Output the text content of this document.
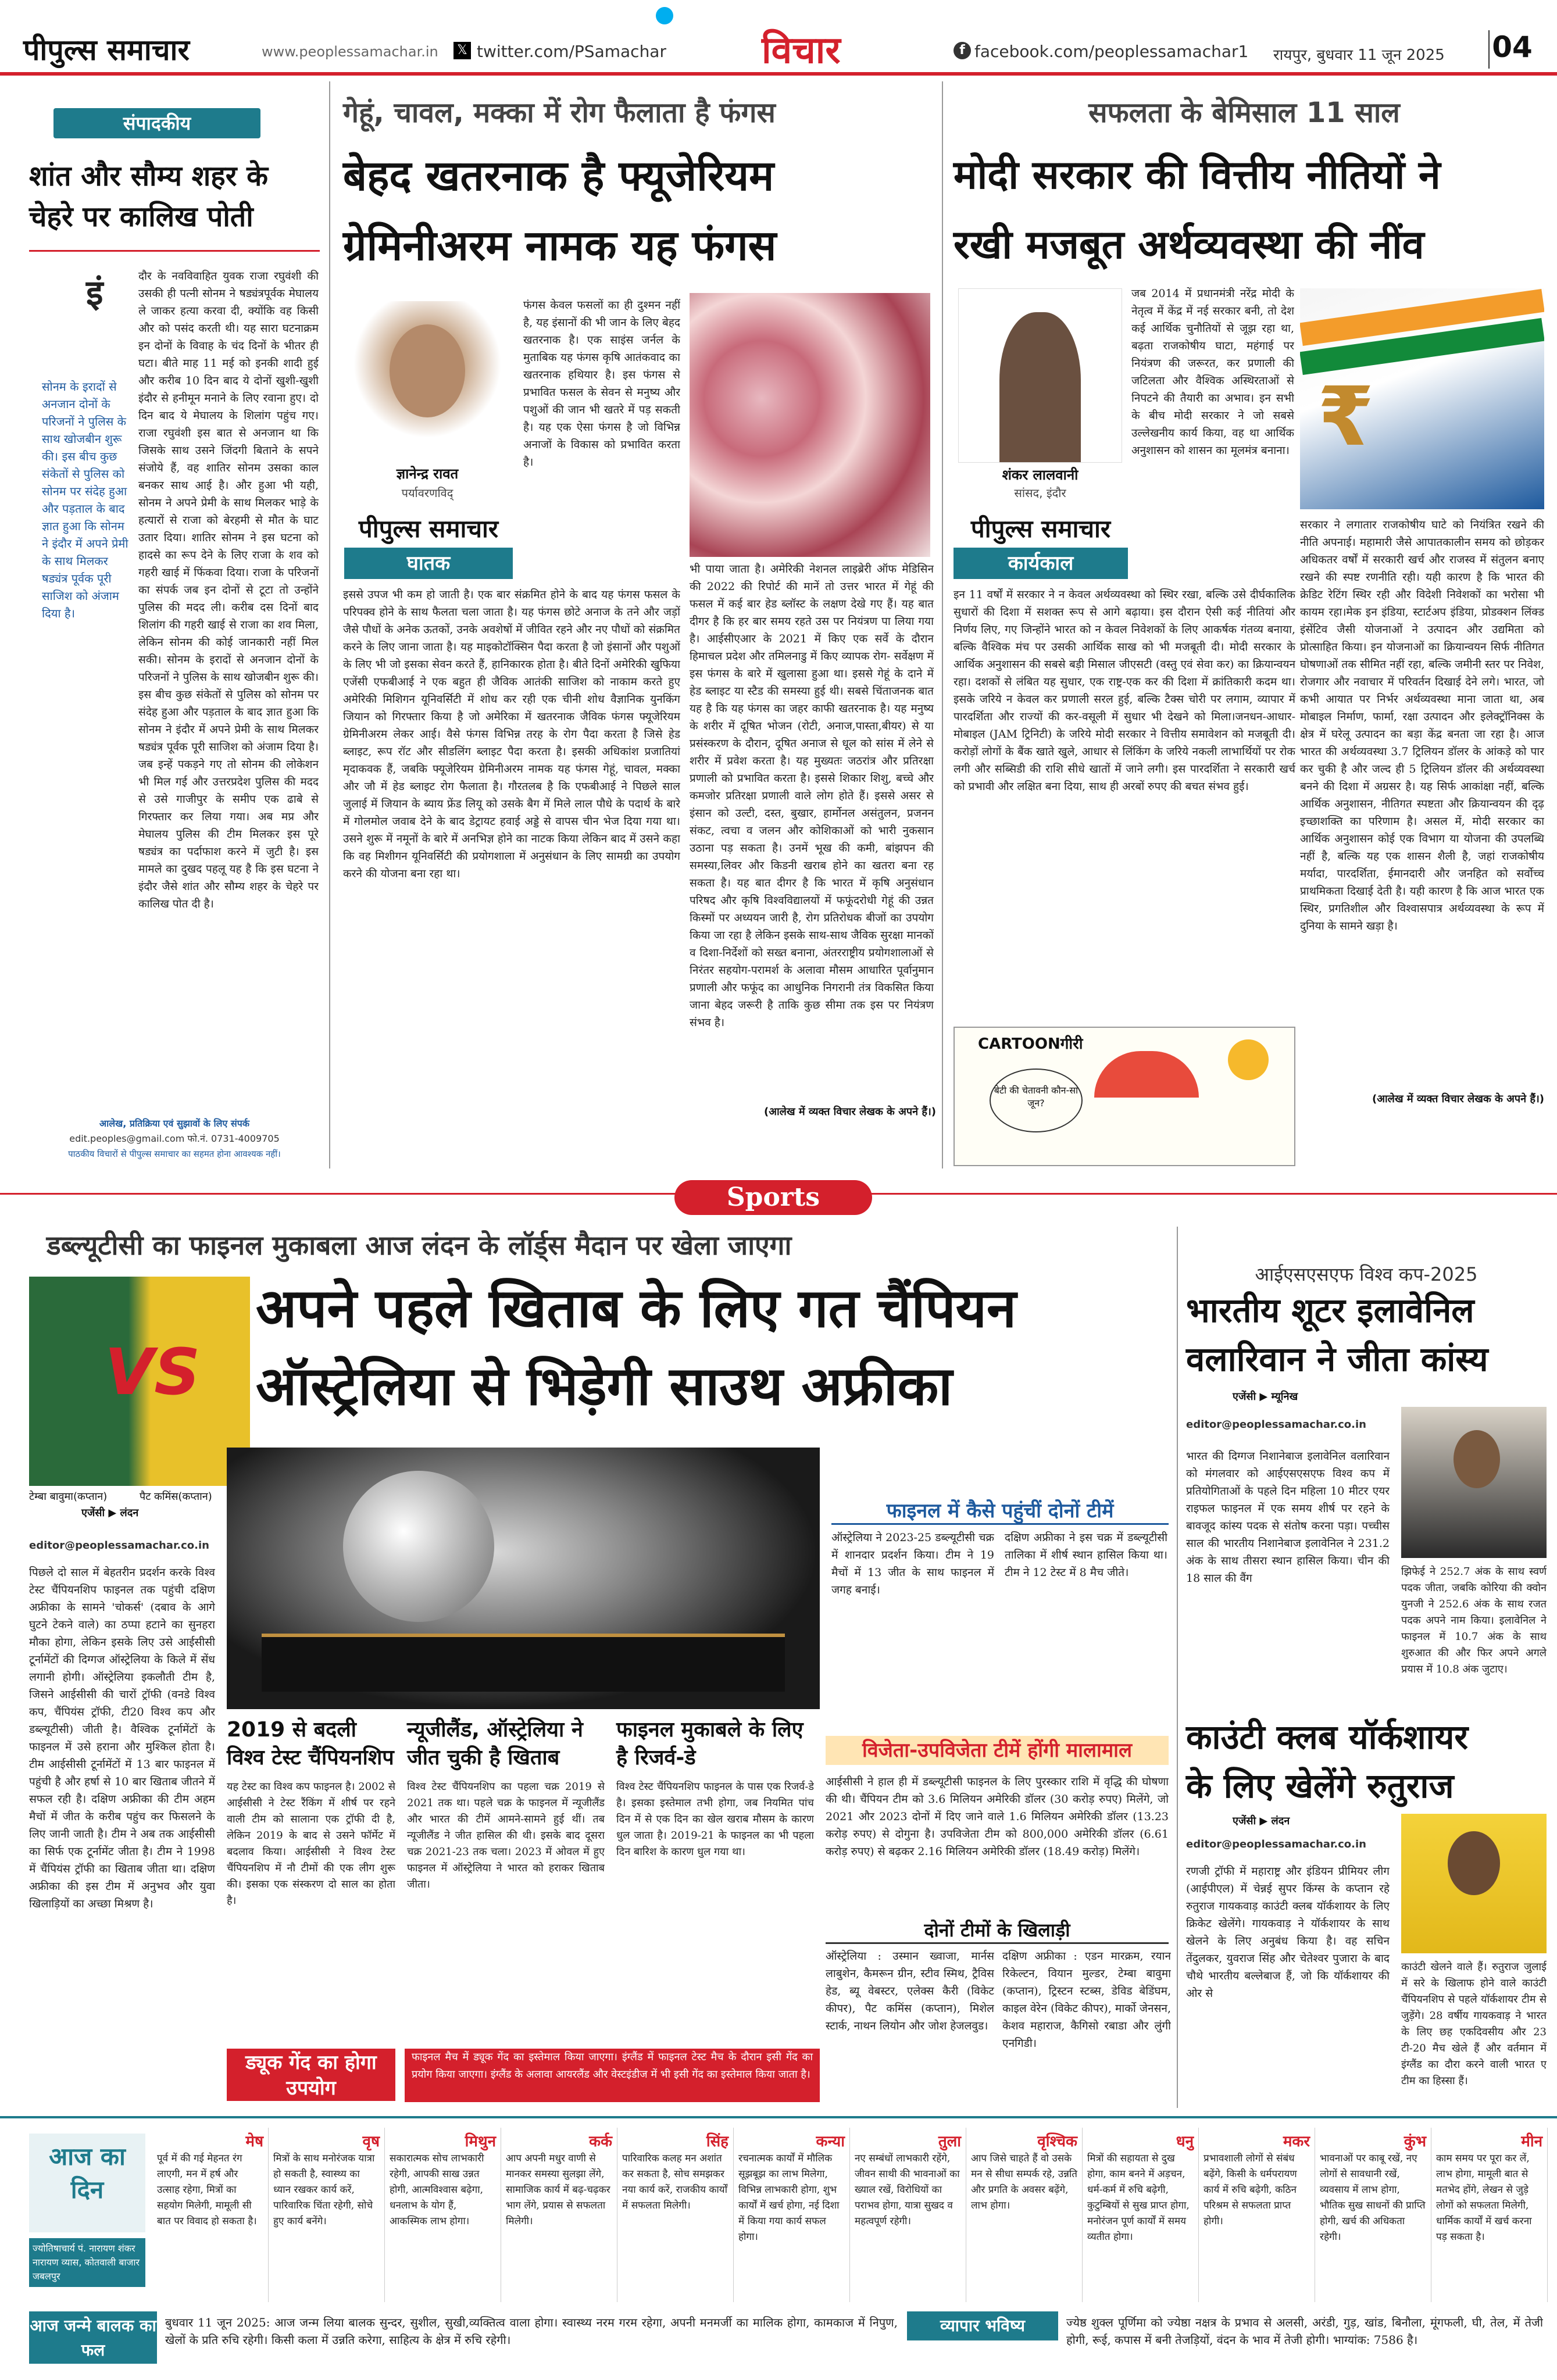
पीपुल्स समाचार	www.peoplessamachar.in 𝕏 twitter.com/PSamachar	विचार	f facebook.com/peoplessamachar1 रायपुर, बुधवार 11 जून 2025 04
संपादकीय
शांत और सौम्य शहर के चेहरे पर कालिख पोती
इं	दौर के नवविवाहित युवक राजा रघुवंशी की उसकी ही पत्नी सोनम ने षड्यंत्रपूर्वक मेघालय ले जाकर हत्या करवा दी, क्योंकि वह किसी और को पसंद करती थी। यह सारा घटनाक्रम इन दोनों के विवाह के चंद दिनों के भीतर ही घटा। बीते माह 11 मई को इनकी शादी हुई और करीब 10 दिन बाद ये दोनों खुशी-खुशी इंदौर से हनीमून मनाने के लिए रवाना हुए। दो दिन बाद ये मेघालय के शिलांग पहुंच गए। राजा रघुवंशी इस बात से अनजान था कि जिसके साथ उसने जिंदगी बिताने के सपने संजोये हैं, वह शातिर सोनम उसका काल बनकर साथ आई है। और हुआ भी यही, सोनम ने अपने प्रेमी के साथ मिलकर भाड़े के हत्यारों से राजा को बेरहमी से मौत के घाट उतार दिया। शातिर सोनम ने इस घटना को हादसे का रूप देने के लिए राजा के शव को गहरी खाई में फिंकवा दिया। राजा के परिजनों का संपर्क जब इन दोनों से टूटा तो उन्होंने पुलिस की मदद ली। करीब दस दिनों बाद शिलांग की गहरी खाई से राजा का शव मिला, लेकिन सोनम की कोई जानकारी नहीं मिल सकी। सोनम के इरादों से अनजान दोनों के परिजनों ने पुलिस के साथ खोजबीन शुरू की। इस बीच कुछ संकेतों से पुलिस को सोनम पर संदेह हुआ और पड़ताल के बाद ज्ञात हुआ कि सोनम ने इंदौर में अपने प्रेमी के साथ मिलकर षड्यंत्र पूर्वक पूरी साजिश को अंजाम दिया है। जब इन्हें पकड़ने गए तो सोनम की लोकेशन भी मिल गई और उत्तरप्रदेश पुलिस की मदद से उसे गाजीपुर के समीप एक ढाबे से गिरफ्तार कर लिया गया। अब मप्र और मेघालय पुलिस की टीम मिलकर इस पूरे षड्यंत्र का पर्दाफाश करने में जुटी है। इस मामले का दुखद पहलू यह है कि इस घटना ने इंदौर जैसे शांत और सौम्य शहर के चेहरे पर कालिख पोत दी है।
सोनम के इरादों से अनजान दोनों के परिजनों ने पुलिस के साथ खोजबीन शुरू की। इस बीच कुछ संकेतों से पुलिस को सोनम पर संदेह हुआ और पड़ताल के बाद ज्ञात हुआ कि सोनम ने इंदौर में अपने प्रेमी के साथ मिलकर षड्यंत्र पूर्वक पूरी साजिश को अंजाम दिया है।
आलेख, प्रतिक्रिया एवं सुझावों के लिए संपर्क
edit.peoples@gmail.com फो.नं. 0731-4009705
पाठकीय विचारों से पीपुल्स समाचार का सहमत होना आवश्यक नहीं।
गेहूं, चावल, मक्का में रोग फैलाता है फंगस
बेहद खतरनाक है फ्यूजेरियम
ग्रेमिनीअरम नामक यह फंगस
ज्ञानेन्द्र रावत
पर्यावरणविद्
पीपुल्स समाचार
घातक
फंगस केवल फसलों का ही दुश्मन नहीं है, यह इंसानों की भी जान के लिए बेहद खतरनाक है। एक साइंस जर्नल के मुताबिक यह फंगस कृषि आतंकवाद का खतरनाक हथियार है। इस फंगस से प्रभावित फसल के सेवन से मनुष्य और पशुओं की जान भी खतरे में पड़ सकती है। यह एक ऐसा फंगस है जो विभिन्न अनाजों के विकास को प्रभावित करता है।
इससे उपज भी कम हो जाती है। एक बार संक्रमित होने के बाद यह फंगस फसल के परिपक्व होने के साथ फैलता चला जाता है। यह फंगस छोटे अनाज के तने और जड़ों जैसे पौधों के अनेक ऊतकों, उनके अवशेषों में जीवित रहने और नए पौधों को संक्रमित करने के लिए जाना जाता है। यह माइकोटॉक्सिन पैदा करता है जो इंसानों और पशुओं के लिए भी जो इसका सेवन करते हैं, हानिकारक होता है। बीते दिनों अमेरिकी खुफिया एजेंसी एफबीआई ने एक बहुत ही जैविक आतंकी साजिश को नाकाम करते हुए अमेरिकी मिशिगन यूनिवर्सिटी में शोध कर रही एक चीनी शोध वैज्ञानिक युनकिंग जियान को गिरफ्तार किया है जो अमेरिका में खतरनाक जैविक फंगस फ्यूजेरियम ग्रेमिनीअरम लेकर आई। वैसे फंगस विभिन्न तरह के रोग पैदा करता है जिसे हेड ब्लाइट, रूप रॉट और सीडलिंग ब्लाइट पैदा करता है। इसकी अधिकांश प्रजातियां मृदाकवक हैं, जबकि फ्यूजेरियम ग्रेमिनीअरम नामक यह फंगस गेहूं, चावल, मक्का और जौ में हेड ब्लाइट रोग फैलाता है। गौरतलब है कि एफबीआई ने पिछले साल जुलाई में जियान के ब्याय फ्रेंड लियू को उसके बैग में मिले लाल पौधे के पदार्थ के बारे में गोलमोल जवाब देने के बाद डेट्रायट हवाई अड्डे से वापस चीन भेज दिया गया था। उसने शुरू में नमूनों के बारे में अनभिज्ञ होने का नाटक किया लेकिन बाद में उसने कहा कि वह मिशीगन यूनिवर्सिटी की प्रयोगशाला में अनुसंधान के लिए सामग्री का उपयोग करने की योजना बना रहा था।
भी पाया जाता है। अमेरिकी नेशनल लाइब्रेरी ऑफ मेडिसिन की 2022 की रिपोर्ट की मानें तो उत्तर भारत में गेहूं की फसल में कई बार हेड ब्लॉस्ट के लक्षण देखे गए हैं। यह बात दीगर है कि हर बार समय रहते उस पर नियंत्रण पा लिया गया है। आईसीएआर के 2021 में किए एक सर्वे के दौरान हिमाचल प्रदेश और तमिलनाडु में किए व्यापक रोग- सर्वेक्षण में इस फंगस के बारे में खुलासा हुआ था। इससे गेहूं के दाने में हेड ब्लाइट या स्टैड की समस्या हुई थी। सबसे चिंताजनक बात यह है कि यह फंगस का जहर काफी खतरनाक है। यह मनुष्य के शरीर में दूषित भोजन (रोटी, अनाज,पास्ता,बीयर) से या प्रसंस्करण के दौरान, दूषित अनाज से धूल को सांस में लेने से शरीर में प्रवेश करता है। यह मुख्यतः जठरांत्र और प्रतिरक्षा प्रणाली को प्रभावित करता है। इससे शिकार शिशु, बच्चे और कमजोर प्रतिरक्षा प्रणाली वाले लोग होते हैं। इससे असर से इंसान को उल्टी, दस्त, बुखार, हार्मोनल असंतुलन, प्रजनन संकट, त्वचा व जलन और कोशिकाओं को भारी नुकसान उठाना पड़ सकता है। उनमें भूख की कमी, बांझपन की समस्या,लिवर और किडनी खराब होने का खतरा बना रह सकता है। यह बात दीगर है कि भारत में कृषि अनुसंधान परिषद और कृषि विश्वविद्यालयों में फफूंदरोधी गेहूं की उन्नत किस्मों पर अध्ययन जारी है, रोग प्रतिरोधक बीजों का उपयोग किया जा रहा है लेकिन इसके साथ-साथ जैविक सुरक्षा मानकों व दिशा-निर्देशों को सख्त बनाना, अंतरराष्ट्रीय प्रयोगशालाओं से निरंतर सहयोग-परामर्श के अलावा मौसम आधारित पूर्वानुमान प्रणाली और फफूंद का आधुनिक निगरानी तंत्र विकसित किया जाना बेहद जरूरी है ताकि कुछ सीमा तक इस पर नियंत्रण संभव है।
(आलेख में व्यक्त विचार लेखक के अपने हैं।)
सफलता के बेमिसाल 11 साल
मोदी सरकार की वित्तीय नीतियों ने
रखी मजबूत अर्थव्यवस्था की नींव
शंकर लालवानी
सांसद, इंदौर
पीपुल्स समाचार
कार्यकाल
जब 2014 में प्रधानमंत्री नरेंद्र मोदी के नेतृत्व में केंद्र में नई सरकार बनी, तो देश कई आर्थिक चुनौतियों से जूझ रहा था, बढ़ता राजकोषीय घाटा, महंगाई पर नियंत्रण की जरूरत, कर प्रणाली की जटिलता और वैश्विक अस्थिरताओं से निपटने की तैयारी का अभाव। इन सभी के बीच मोदी सरकार ने जो सबसे उल्लेखनीय कार्य किया, वह था आर्थिक अनुशासन को शासन का मूलमंत्र बनाना।
इन 11 वर्षों में सरकार ने न केवल अर्थव्यवस्था को स्थिर रखा, बल्कि उसे दीर्घकालिक सुधारों की दिशा में सशक्त रूप से आगे बढ़ाया। इस दौरान ऐसी कई नीतियां और निर्णय लिए, गए जिन्होंने भारत को न केवल निवेशकों के लिए आकर्षक गंतव्य बनाया, बल्कि वैश्विक मंच पर उसकी आर्थिक साख को भी मजबूती दी। मोदी सरकार के आर्थिक अनुशासन की सबसे बड़ी मिसाल जीएसटी (वस्तु एवं सेवा कर) का क्रियान्वयन रहा। दशकों से लंबित यह सुधार, एक राष्ट्र-एक कर की दिशा में क्रांतिकारी कदम था। इसके जरिये न केवल कर प्रणाली सरल हुई, बल्कि टैक्स चोरी पर लगाम, व्यापार में पारदर्शिता और राज्यों की कर-वसूली में सुधार भी देखने को मिला।जनधन-आधार-मोबाइल (JAM ट्रिनिटी) के जरिये मोदी सरकार ने वित्तीय समावेशन को मजबूती दी। करोड़ों लोगों के बैंक खाते खुले, आधार से लिंकिंग के जरिये नकली लाभार्थियों पर रोक लगी और सब्सिडी की राशि सीधे खातों में जाने लगी। इस पारदर्शिता ने सरकारी खर्च को प्रभावी और लक्षित बना दिया, साथ ही अरबों रुपए की बचत संभव हुई।
₹
सरकार ने लगातार राजकोषीय घाटे को नियंत्रित रखने की नीति अपनाई। महामारी जैसे आपातकालीन समय को छोड़कर अधिकतर वर्षों में सरकारी खर्च और राजस्व में संतुलन बनाए रखने की स्पष्ट रणनीति रही। यही कारण है कि भारत की क्रेडिट रेटिंग स्थिर रही और विदेशी निवेशकों का भरोसा भी कायम रहा।मेक इन इंडिया, स्टार्टअप इंडिया, प्रोडक्शन लिंक्ड इंसेंटिव जैसी योजनाओं ने उत्पादन और उद्यमिता को प्रोत्साहित किया। इन योजनाओं का क्रियान्वयन सिर्फ नीतिगत घोषणाओं तक सीमित नहीं रहा, बल्कि जमीनी स्तर पर निवेश, रोजगार और नवाचार में परिवर्तन दिखाई देने लगे। भारत, जो कभी आयात पर निर्भर अर्थव्यवस्था माना जाता था, अब मोबाइल निर्माण, फार्मा, रक्षा उत्पादन और इलेक्ट्रॉनिक्स के क्षेत्र में घरेलू उत्पादन का बड़ा केंद्र बनता जा रहा है। आज भारत की अर्थव्यवस्था 3.7 ट्रिलियन डॉलर के आंकड़े को पार कर चुकी है और जल्द ही 5 ट्रिलियन डॉलर की अर्थव्यवस्था बनने की दिशा में अग्रसर है। यह सिर्फ आकांक्षा नहीं, बल्कि आर्थिक अनुशासन, नीतिगत स्पष्टता और क्रियान्वयन की दृढ़ इच्छाशक्ति का परिणाम है। असल में, मोदी सरकार का आर्थिक अनुशासन कोई एक विभाग या योजना की उपलब्धि नहीं है, बल्कि यह एक शासन शैली है, जहां राजकोषीय मर्यादा, पारदर्शिता, ईमानदारी और जनहित को सर्वोच्च प्राथमिकता दिखाई देती है। यही कारण है कि आज भारत एक स्थिर, प्रगतिशील और विश्वासपात्र अर्थव्यवस्था के रूप में दुनिया के सामने खड़ा है।
(आलेख में व्यक्त विचार लेखक के अपने हैं।)
CARTOONगीरी
बेटी की चेतावनी कौन-सा जून?
Sports
डब्ल्यूटीसी का फाइनल मुकाबला आज लंदन के लॉर्ड्स मैदान पर खेला जाएगा
VS
टेम्बा बावुमा(कप्तान)	पैट कमिंस(कप्तान)
अपने पहले खिताब के लिए गत चैंपियन
ऑस्ट्रेलिया से भिड़ेगी साउथ अफ्रीका
एजेंसी ▶ लंदन
editor@peoplessamachar.co.in
पिछले दो साल में बेहतरीन प्रदर्शन करके विश्व टेस्ट चैंपियनशिप फाइनल तक पहुंची दक्षिण अफ्रीका के सामने 'चोकर्स' (दबाव के आगे घुटने टेकने वाले) का ठप्पा हटाने का सुनहरा मौका होगा, लेकिन इसके लिए उसे आईसीसी टूर्नामेंटों की दिग्गज ऑस्ट्रेलिया के किले में सेंध लगानी होगी। ऑस्ट्रेलिया इकलौती टीम है, जिसने आईसीसी की चारों ट्रॉफी (वनडे विश्व कप, चैंपियंस ट्रॉफी, टी20 विश्व कप और डब्ल्यूटीसी) जीती है। वैश्विक टूर्नामेंटों के फाइनल में उसे हराना और मुश्किल होता है। टीम आईसीसी टूर्नामेंटों में 13 बार फाइनल में पहुंची है और हर्षा से 10 बार खिताब जीतने में सफल रही है। दक्षिण अफ्रीका की टीम अहम मैचों में जीत के करीब पहुंच कर फिसलने के लिए जानी जाती है। टीम ने अब तक आईसीसी का सिर्फ एक टूर्नामेंट जीता है। टीम ने 1998 में चैंपियंस ट्रॉफी का खिताब जीता था। दक्षिण अफ्रीका की इस टीम में अनुभव और युवा खिलाड़ियों का अच्छा मिश्रण है।
फाइनल में कैसे पहुंचीं दोनों टीमें
ऑस्ट्रेलिया ने 2023-25 डब्ल्यूटीसी चक्र में शानदार प्रदर्शन किया। टीम ने 19 मैचों में 13 जीत के साथ फाइनल में जगह बनाई।
दक्षिण अफ्रीका ने इस चक्र में डब्ल्यूटीसी तालिका में शीर्ष स्थान हासिल किया था। टीम ने 12 टेस्ट में 8 मैच जीते।
2019 से बदली विश्व टेस्ट चैंपियनशिप
यह टेस्ट का विश्व कप फाइनल है। 2002 से आईसीसी ने टेस्ट रैंकिंग में शीर्ष पर रहने वाली टीम को सालाना एक ट्रॉफी दी है, लेकिन 2019 के बाद से उसने फॉर्मेट में बदलाव किया। आईसीसी ने विश्व टेस्ट चैंपियनशिप में नौ टीमों की एक लीग शुरू की। इसका एक संस्करण दो साल का होता है।
न्यूजीलैंड, ऑस्ट्रेलिया ने जीत चुकी है खिताब
विश्व टेस्ट चैंपियनशिप का पहला चक्र 2019 से 2021 तक था। पहले चक्र के फाइनल में न्यूजीलैंड और भारत की टीमें आमने-सामने हुई थीं। तब न्यूजीलैंड ने जीत हासिल की थी। इसके बाद दूसरा चक्र 2021-23 तक चला। 2023 में ओवल में हुए फाइनल में ऑस्ट्रेलिया ने भारत को हराकर खिताब जीता।
फाइनल मुकाबले के लिए है रिजर्व-डे
विश्व टेस्ट चैंपियनशिप फाइनल के पास एक रिजर्व-डे है। इसका इस्तेमाल तभी होगा, जब नियमित पांच दिन में से एक दिन का खेल खराब मौसम के कारण धुल जाता है। 2019-21 के फाइनल का भी पहला दिन बारिश के कारण धुल गया था।
विजेता-उपविजेता टीमें होंगी मालामाल
आईसीसी ने हाल ही में डब्ल्यूटीसी फाइनल के लिए पुरस्कार राशि में वृद्धि की घोषणा की थी। चैंपियन टीम को 3.6 मिलियन अमेरिकी डॉलर (30 करोड़ रुपए) मिलेंगे, जो 2021 और 2023 दोनों में दिए जाने वाले 1.6 मिलियन अमेरिकी डॉलर (13.23 करोड़ रुपए) से दोगुना है। उपविजेता टीम को 800,000 अमेरिकी डॉलर (6.61 करोड़ रुपए) से बढ़कर 2.16 मिलियन अमेरिकी डॉलर (18.49 करोड़) मिलेंगे।
दोनों टीमों के खिलाड़ी
ऑस्ट्रेलिया : उस्मान ख्वाजा, मार्नस लाबुशेन, कैमरून ग्रीन, स्टीव स्मिथ, ट्रैविस हेड, ब्यू वेबस्टर, एलेक्स कैरी (विकेट कीपर), पैट कमिंस (कप्तान), मिशेल स्टार्क, नाथन लियोन और जोश हेजलवुड।
दक्षिण अफ्रीका : एडन मारक्रम, रयान रिकेल्टन, वियान मुल्डर, टेम्बा बावुमा (कप्तान), ट्रिस्टन स्टब्स, डेविड बेडिंघम, काइल वेरेन (विकेट कीपर), मार्को जेनसन, केशव महाराज, कैगिसो रबाडा और लुंगी एनगिडी।
ड्यूक गेंद का होगा उपयोग
फाइनल मैच में ड्यूक गेंद का इस्तेमाल किया जाएगा। इंग्लैंड में फाइनल टेस्ट मैच के दौरान इसी गेंद का प्रयोग किया जाएगा। इंग्लैंड के अलावा आयरलैंड और वेस्टइंडीज में भी इसी गेंद का इस्तेमाल किया जाता है।
आईएसएसएफ विश्व कप-2025
भारतीय शूटर इलावेनिल
वलारिवान ने जीता कांस्य
एजेंसी ▶ म्यूनिख
editor@peoplessamachar.co.in
भारत की दिग्गज निशानेबाज इलावेनिल वलारिवान को मंगलवार को आईएसएसएफ विश्व कप में प्रतियोगिताओं के पहले दिन महिला 10 मीटर एयर राइफल फाइनल में एक समय शीर्ष पर रहने के बावजूद कांस्य पदक से संतोष करना पड़ा। पच्चीस साल की भारतीय निशानेबाज इलावेनिल ने 231.2 अंक के साथ तीसरा स्थान हासिल किया। चीन की 18 साल की वैंग
झिफेई ने 252.7 अंक के साथ स्वर्ण पदक जीता, जबकि कोरिया की क्वोन युनजी ने 252.6 अंक के साथ रजत पदक अपने नाम किया। इलावेनिल ने फाइनल में 10.7 अंक के साथ शुरुआत की और फिर अपने अगले प्रयास में 10.8 अंक जुटाए।
काउंटी क्लब यॉर्कशायर
के लिए खेलेंगे रुतुराज
एजेंसी ▶ लंदन
editor@peoplessamachar.co.in
रणजी ट्रॉफी में महाराष्ट्र और इंडियन प्रीमियर लीग (आईपीएल) में चेन्नई सुपर किंग्स के कप्तान रहे रुतुराज गायकवाड़ काउंटी क्लब यॉर्कशायर के लिए क्रिकेट खेलेंगे। गायकवाड़ ने यॉर्कशायर के साथ खेलने के लिए अनुबंध किया है। वह सचिन तेंदुलकर, युवराज सिंह और चेतेश्वर पुजारा के बाद चौथे भारतीय बल्लेबाज हैं, जो कि यॉर्कशायर की ओर से
काउंटी खेलने वाले हैं। रुतुराज जुलाई में सरे के खिलाफ होने वाले काउंटी चैंपियनशिप से पहले यॉर्कशायर टीम से जुड़ेंगे। 28 वर्षीय गायकवाड़ ने भारत के लिए छह एकदिवसीय और 23 टी-20 मैच खेले हैं और वर्तमान में इंग्लैंड का दौरा करने वाली भारत ए टीम का हिस्सा हैं।
आज का
दिन
ज्योतिषाचार्य पं. नारायण शंकर नारायण व्यास, कोतवाली बाजार जबलपुर
मेष
पूर्व में की गई मेहनत रंग लाएगी, मन में हर्ष और उत्साह रहेगा, मित्रों का सहयोग मिलेगी, मामूली सी बात पर विवाद हो सकता है।
वृष
मित्रों के साथ मनोरंजक यात्रा हो सकती है, स्वास्थ्य का ध्यान रखकर कार्य करें, पारिवारिक चिंता रहेगी, सोचे हुए कार्य बनेंगे।
मिथुन
सकारात्मक सोच लाभकारी रहेगी, आपकी साख उन्नत होगी, आत्मविश्वास बढ़ेगा, धनलाभ के योग हैं, आकस्मिक लाभ होगा।
कर्क
आप अपनी मधुर वाणी से मानकर समस्या सुलझा लेंगे, सामाजिक कार्य में बढ़-चढ़कर भाग लेंगे, प्रयास से सफलता मिलेगी।
सिंह
पारिवारिक कलह मन अशांत कर सकता है, सोच समझकर नया कार्य करें, राजकीय कार्यों में सफलता मिलेगी।
कन्या
रचनात्मक कार्यों में मौलिक सूझबूझ का लाभ मिलेगा, विभिन्न लाभकारी होगा, शुभ कार्यों में खर्च होगा, नई दिशा में किया गया कार्य सफल होगा।
तुला
नए सम्बंधों लाभकारी रहेंगे, जीवन साथी की भावनाओं का ख्याल रखें, विरोधियों का पराभव होगा, यात्रा सुखद व महत्वपूर्ण रहेगी।
वृश्चिक
आप जिसे चाहते हैं वो उसके मन से सीधा सम्पर्क रहे, उन्नति और प्रगति के अवसर बढ़ेंगे, लाभ होगा।
धनु
मित्रों की सहायता से दुख होगा, काम बनने में अड़चन, धर्म-कर्म में रुचि बढ़ेगी, कुटुम्बियों से सुख प्राप्त होगा, मनोरंजन पूर्ण कार्यों में समय व्यतीत होगा।
मकर
प्रभावशाली लोगों से संबंध बढ़ेंगे, किसी के धर्मपरायण कार्य में रुचि बढ़ेगी, कठिन परिश्रम से सफलता प्राप्त होगी।
कुंभ
भावनाओं पर काबू रखें, नए लोगों से सावधानी रखें, व्यवसाय में लाभ होगा, भौतिक सुख साधनों की प्राप्ति होगी, खर्च की अधिकता रहेगी।
मीन
काम समय पर पूरा कर लें, लाभ होगा, मामूली बात से मतभेद होंगे, लेखन से जुड़े लोगों को सफलता मिलेगी, धार्मिक कार्यों में खर्च करना पड़ सकता है।
आज जन्मे बालक का फल
बुधवार 11 जून 2025: आज जन्म लिया बालक सुन्दर, सुशील, सुखी,व्यक्तित्व वाला होगा। स्वास्थ्य नरम गरम रहेगा, अपनी मनमर्जी का मालिक होगा, कामकाज में निपुण, खेलों के प्रति रुचि रहेगी। किसी कला में उन्नति करेगा, साहित्य के क्षेत्र में रुचि रहेगी।
व्यापार भविष्य	ज्येष्ठ शुक्ल पूर्णिमा को ज्येष्ठा नक्षत्र के प्रभाव से अलसी, अरंडी, गुड़, खांड, बिनौला, मूंगफली, घी, तेल, में तेजी होगी, रूई, कपास में बनी तेजड़ियों, वंदन के भाव में तेजी होगी। भाग्यांक: 7586 है।
